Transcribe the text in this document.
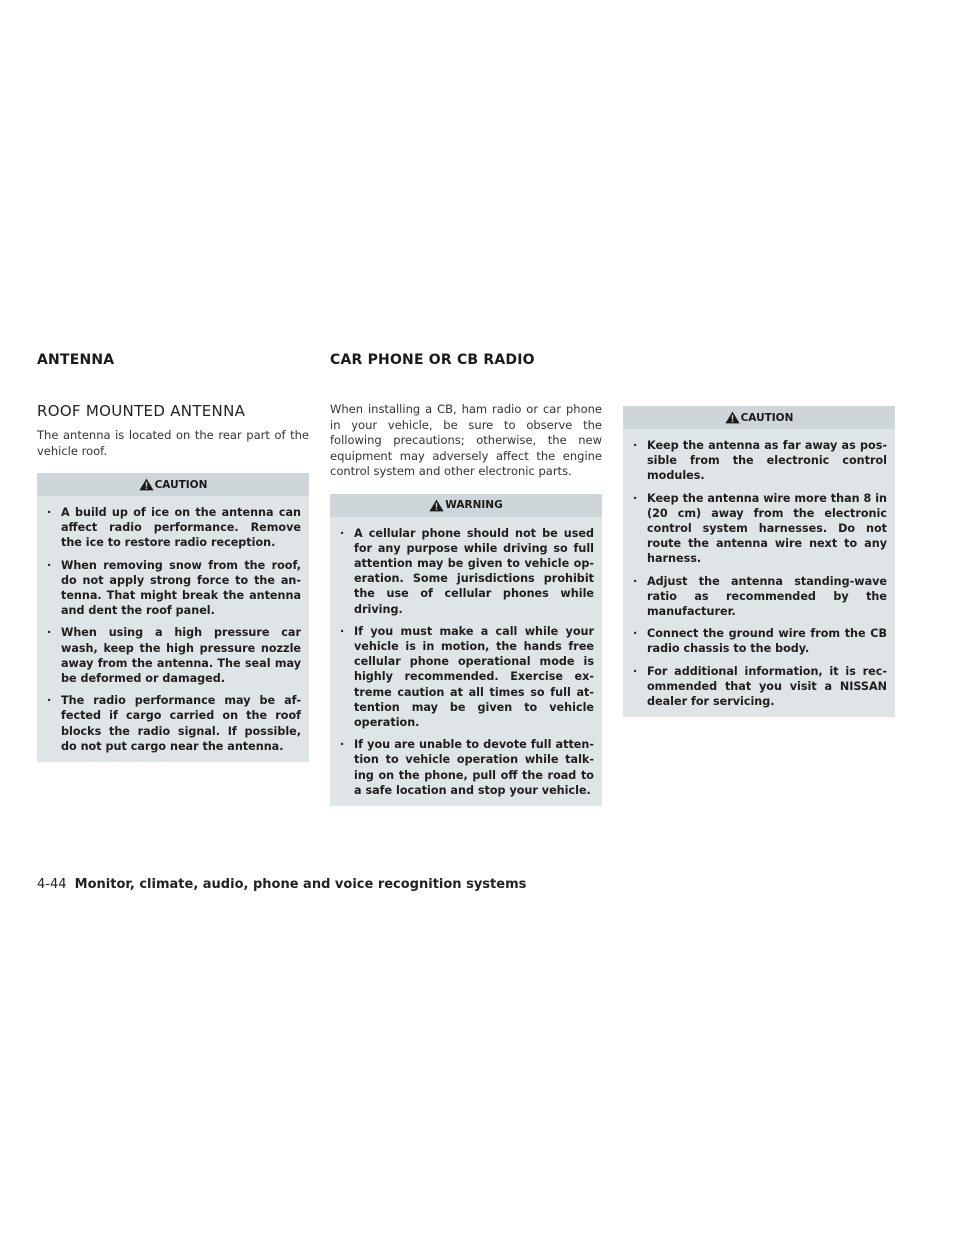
ANTENNA	CAR PHONE OR CB RADIO
ROOF MOUNTED ANTENNA

The antenna is located on the rear part of the vehicle roof.

CAUTION

· A build up of ice on the antenna can affect radio performance. Remove the ice to restore radio reception.

· When removing snow from the roof, do not apply strong force to the an-tenna. That might break the antenna and dent the roof panel.

· When using a high pressure car wash, keep the high pressure nozzle away from the antenna. The seal may be deformed or damaged.

· The radio performance may be af-fected if cargo carried on the roof blocks the radio signal. If possible, do not put cargo near the antenna.

When installing a CB, ham radio or car phone in your vehicle, be sure to observe the following precautions; otherwise, the new equipment may adversely affect the engine control system and other electronic parts.

WARNING

· A cellular phone should not be used for any purpose while driving so full attention may be given to vehicle op-eration. Some jurisdictions prohibit the use of cellular phones while driving.

· If you must make a call while your vehicle is in motion, the hands free cellular phone operational mode is highly recommended. Exercise ex-treme caution at all times so full at-tention may be given to vehicle operation.

· If you are unable to devote full atten-tion to vehicle operation while talk-ing on the phone, pull off the road to a safe location and stop your vehicle.

CAUTION

· Keep the antenna as far away as pos-sible from the electronic control modules.

· Keep the antenna wire more than 8 in (20 cm) away from the electronic control system harnesses. Do not route the antenna wire next to any harness.

· Adjust the antenna standing-wave ratio as recommended by the manufacturer.

· Connect the ground wire from the CB radio chassis to the body.

· For additional information, it is rec-ommended that you visit a NISSAN dealer for servicing.

4-44 Monitor, climate, audio, phone and voice recognition systems
